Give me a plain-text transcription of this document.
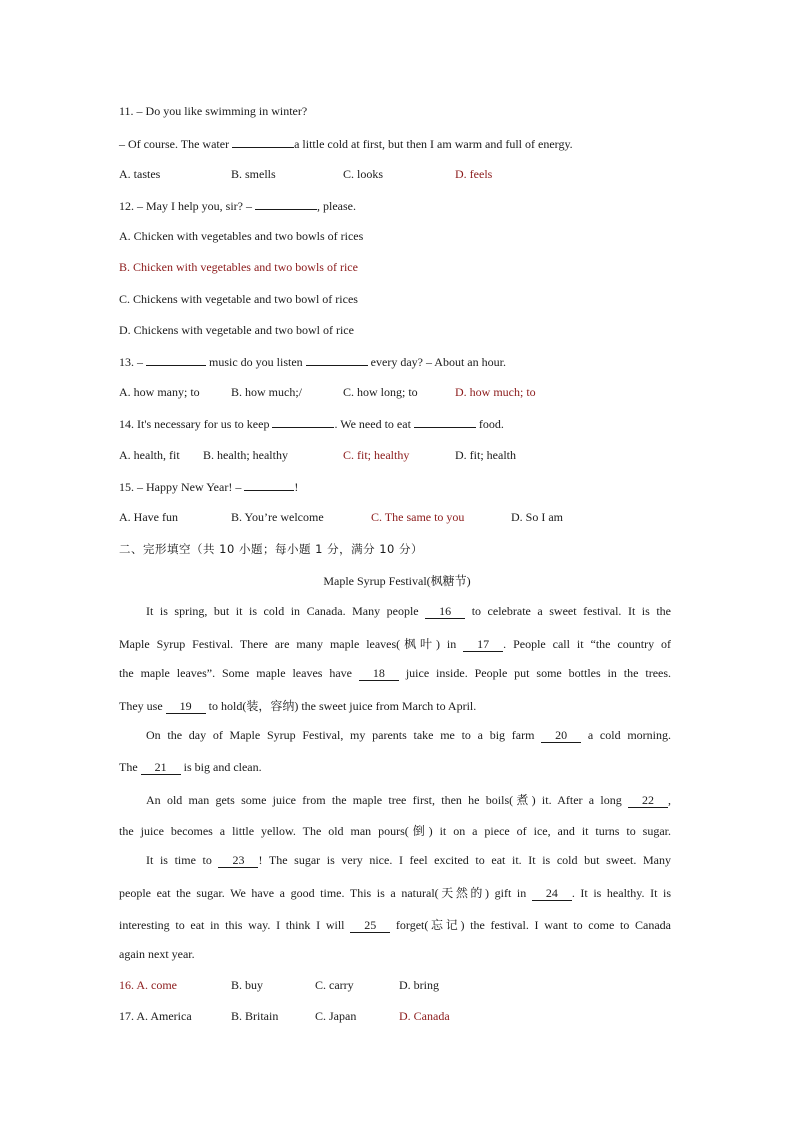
11. – Do you like swimming in winter?
– Of course. The water	a little cold at first, but then I am warm and full of energy.
A. tastes	B. smells	C. looks	D. feels
12. – May I help you, sir? –	, please.
A. Chicken with vegetables and two bowls of rices
B. Chicken with vegetables and two bowls of rice
C. Chickens with vegetable and two bowl of rices
D. Chickens with vegetable and two bowl of rice
13. –	music do you listen	every day? – About an hour.
A. how many; to	B. how much;/	C. how long; to	D. how much; to
14. It's necessary for us to keep	. We need to eat	food.
A. health, fit B. health; healthy	C. fit; healthy	D. fit; health
15. – Happy New Year! –	!
A. Have fun	B. You’re welcome	C. The same to you	D. So I am
二、完形填空（共 10 小题；每小题 1 分，满分 10 分）
Maple Syrup Festival(枫糖节)
It is spring, but it is cold in Canada. Many people 16 to celebrate a sweet festival. It is the
Maple Syrup Festival. There are many maple leaves(枫叶) in 17 . People call it “the country of
the maple leaves”. Some maple leaves have 18 juice inside. People put some bottles in the trees.
They use 19 to hold(装，容纳) the sweet juice from March to April.
On the day of Maple Syrup Festival, my parents take me to a big farm 20 a cold morning.
The 21 is big and clean.
An old man gets some juice from the maple tree first, then he boils(煮) it. After a long 22 ,
the juice becomes a little yellow. The old man pours(倒) it on a piece of ice, and it turns to sugar.
It is time to 23 ! The sugar is very nice. I feel excited to eat it. It is cold but sweet. Many
people eat the sugar. We have a good time. This is a natural(天然的) gift in 24 . It is healthy. It is
interesting to eat in this way. I think I will 25 forget(忘记) the festival. I want to come to Canada
again next year.
16. A. come	B. buy	C. carry	D. bring
17. A. America	B. Britain	C. Japan	D. Canada
